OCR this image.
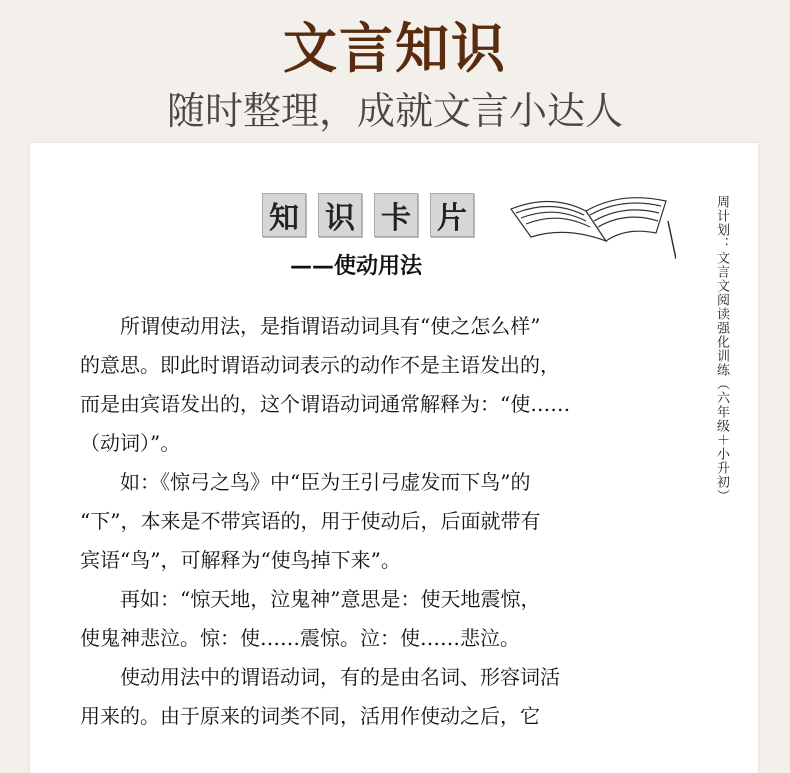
文言知识
随时整理，成就文言小达人
知 识 卡 片
——使动用法	周计划：文言文阅读强化训练（六年级＋小升初）

所谓使动用法，是指谓语动词具有“使之怎么样”

的意思。即此时谓语动词表示的动作不是主语发出的，

而是由宾语发出的，这个谓语动词通常解释为：“使……

（动词）”。

如：《惊弓之鸟》中“臣为王引弓虚发而下鸟”的

“下”，本来是不带宾语的，用于使动后，后面就带有

宾语“鸟”，可解释为“使鸟掉下来”。

再如：“惊天地，泣鬼神”意思是：使天地震惊，

使鬼神悲泣。惊：使……震惊。泣：使……悲泣。

使动用法中的谓语动词，有的是由名词、形容词活

用来的。由于原来的词类不同，活用作使动之后，它
